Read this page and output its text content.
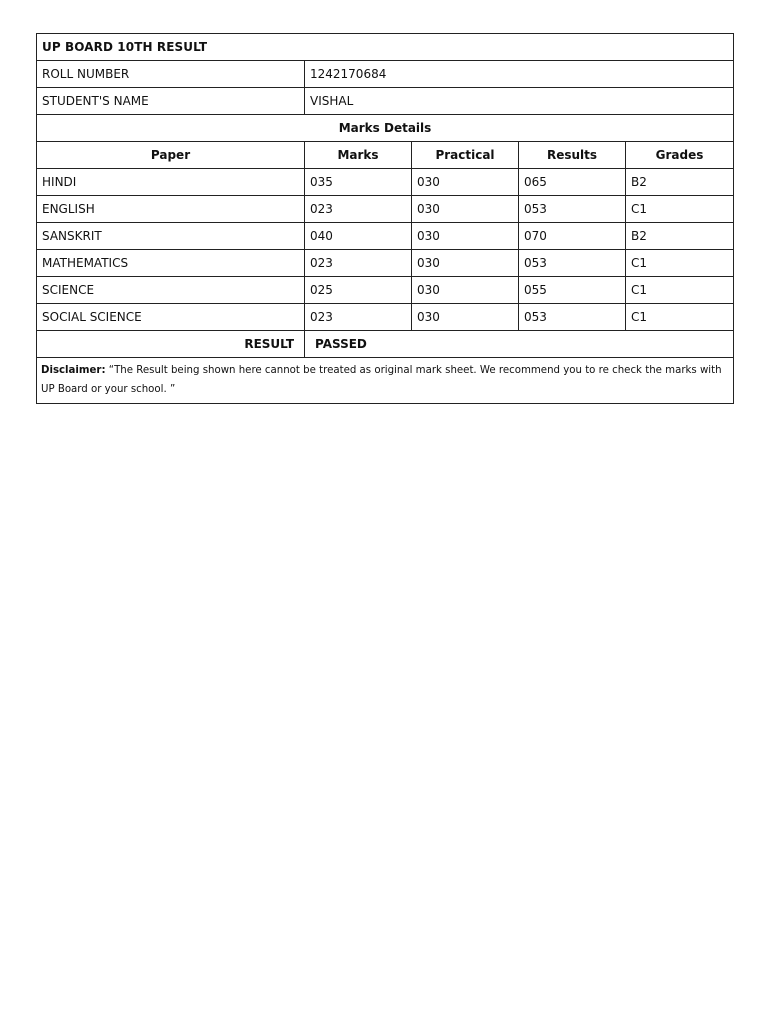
UP BOARD 10TH RESULT				
ROLL NUMBER	1242170684			
STUDENT'S NAME	VISHAL			
Marks Details				
Paper	Marks	Practical	Results	Grades
HINDI	035	030	065	B2
ENGLISH	023	030	053	C1
SANSKRIT	040	030	070	B2
MATHEMATICS	023	030	053	C1
SCIENCE	025	030	055	C1
SOCIAL SCIENCE	023	030	053	C1
RESULT	PASSED			
Disclaimer: “The Result being shown here cannot be treated as original mark sheet. We recommend you to re check the marks with UP Board or your school. ”				
